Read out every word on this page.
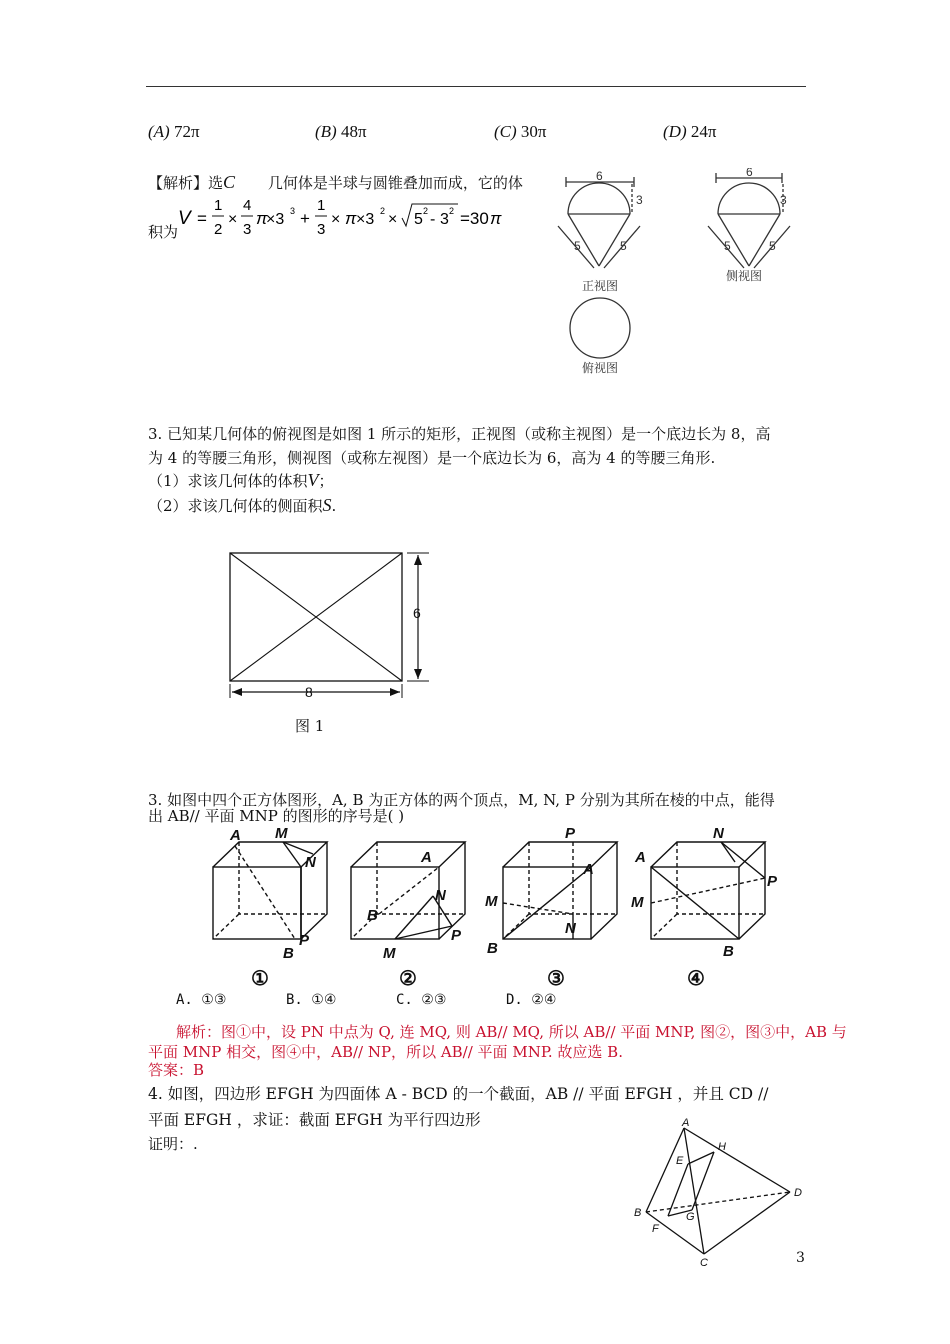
(A) 72π	(B) 48π	(C) 30π	(D) 24π
【解析】选C 几何体是半球与圆锥叠加而成，它的体
积为
V =
1
2
×
4
3
π
×3 3 +
1
3
× π ×3 2 × 5 2 - 3 2 =30 π
6
3
5	5
正视图
6
3
5	5
侧视图
俯视图
3. 已知某几何体的俯视图是如图 1 所示的矩形，正视图（或称主视图）是一个底边长为 8，高
为 4 的等腰三角形，侧视图（或称左视图）是一个底边长为 6，高为 4 的等腰三角形.
（1）求该几何体的体积V；
（2）求该几何体的侧面积S.
6
8
图 1
3. 如图中四个正方体图形，A, B 为正方体的两个顶点，M, N, P 分别为其所在棱的中点，能得
出 AB// 平面 MNP 的图形的序号是( )
A M
N
P
B
A
N
B
M
P
P
A
M
N
B
N
A
P
M
B
①	②	③	④
A. ①③	B. ①④	C. ②③	D. ②④
解析：图①中，设 PN 中点为 Q, 连 MQ, 则 AB// MQ, 所以 AB// 平面 MNP, 图②，图③中，AB 与
平面 MNP 相交，图④中，AB// NP，所以 AB// 平面 MNP. 故应选 B.
答案：B
4. 如图，四边形 EFGH 为四面体 A - BCD 的一个截面，AB // 平面 EFGH ，并且 CD //
平面 EFGH ，求证：截面 EFGH 为平行四边形
证明：.
A
H
E
D
B	G
F
C	3
